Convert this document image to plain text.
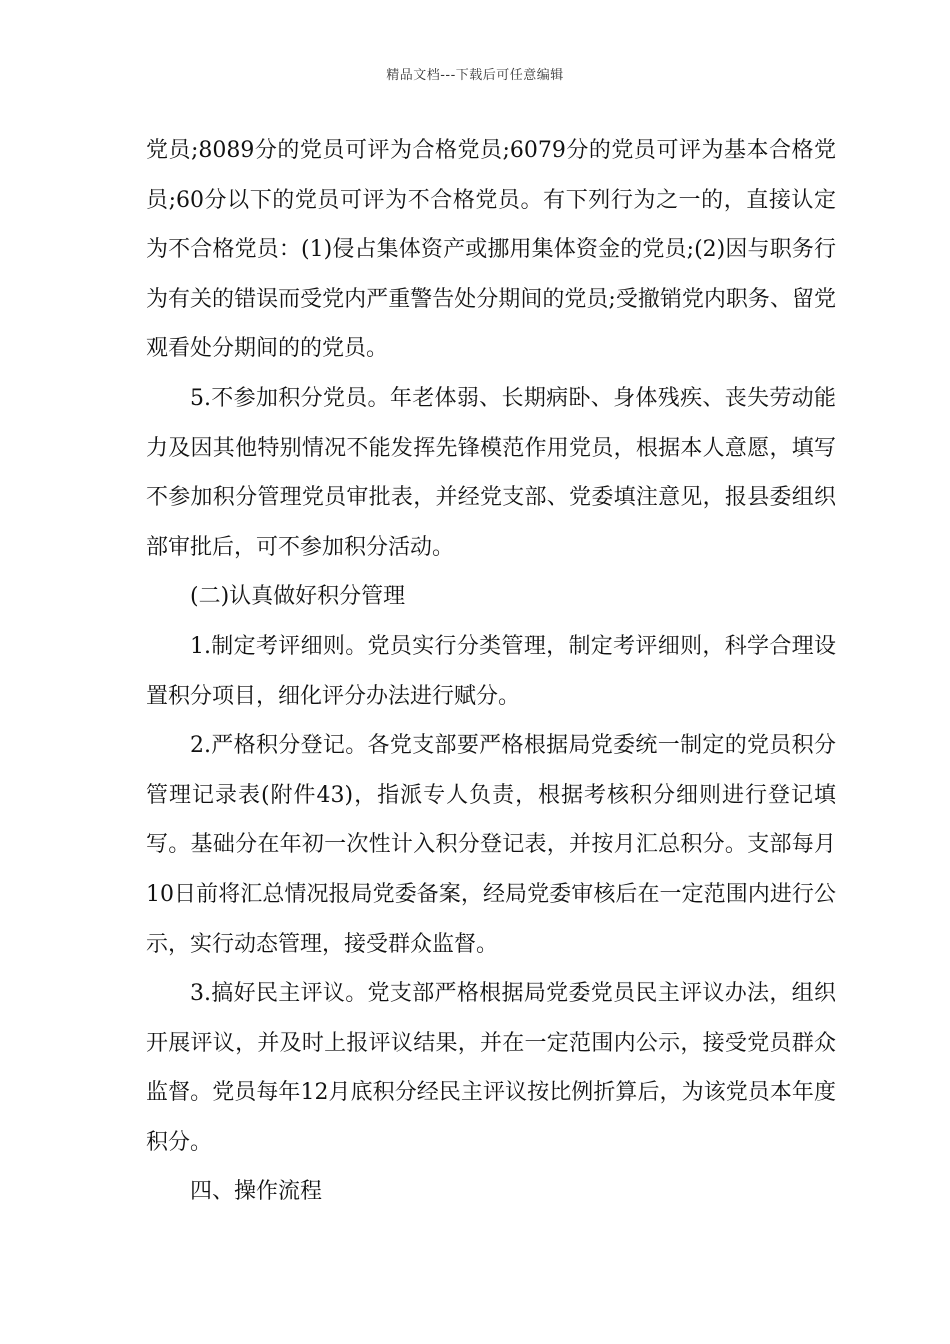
精品文档---下载后可任意编辑

党员;8089分的党员可评为合格党员;6079分的党员可评为基本合格党员;60分以下的党员可评为不合格党员。有下列行为之一的，直接认定为不合格党员：(1)侵占集体资产或挪用集体资金的党员;(2)因与职务行为有关的错误而受党内严重警告处分期间的党员;受撤销党内职务、留党观看处分期间的的党员。

5.不参加积分党员。年老体弱、长期病卧、身体残疾、丧失劳动能力及因其他特别情况不能发挥先锋模范作用党员，根据本人意愿，填写不参加积分管理党员审批表，并经党支部、党委填注意见，报县委组织部审批后，可不参加积分活动。

(二)认真做好积分管理

1.制定考评细则。党员实行分类管理，制定考评细则，科学合理设置积分项目，细化评分办法进行赋分。

2.严格积分登记。各党支部要严格根据局党委统一制定的党员积分管理记录表(附件43)，指派专人负责，根据考核积分细则进行登记填写。基础分在年初一次性计入积分登记表，并按月汇总积分。支部每月10日前将汇总情况报局党委备案，经局党委审核后在一定范围内进行公示，实行动态管理，接受群众监督。

3.搞好民主评议。党支部严格根据局党委党员民主评议办法，组织开展评议，并及时上报评议结果，并在一定范围内公示，接受党员群众监督。党员每年12月底积分经民主评议按比例折算后，为该党员本年度积分。

四、操作流程
